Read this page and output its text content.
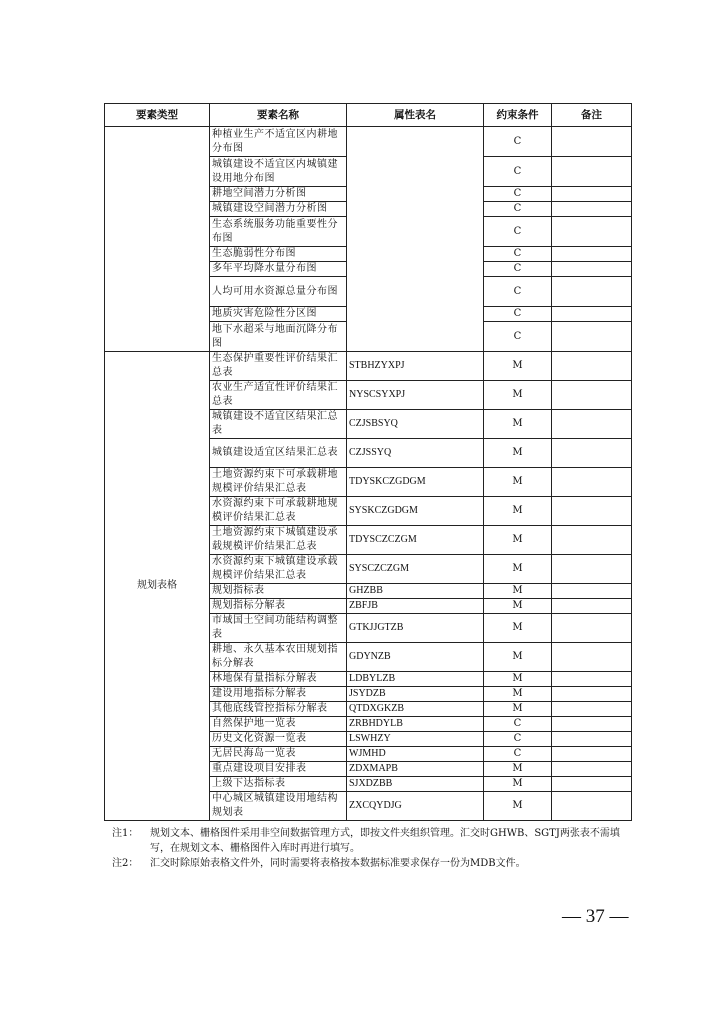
要素类型	要素名称	属性表名	约束条件	备注
	种植业生产不适宜区内耕地分布图		C	
	城镇建设不适宜区内城镇建设用地分布图		C	
	耕地空间潜力分析图		C	
	城镇建设空间潜力分析图		C	
	生态系统服务功能重要性分布图		C	
	生态脆弱性分布图		C	
	多年平均降水量分布图		C	
	人均可用水资源总量分布图		C	
	地质灾害危险性分区图		C	
	地下水超采与地面沉降分布图		C	
规划表格	生态保护重要性评价结果汇总表	STBHZYXPJ	M	
	农业生产适宜性评价结果汇总表	NYSCSYXPJ	M	
	城镇建设不适宜区结果汇总表	CZJSBSYQ	M	
	城镇建设适宜区结果汇总表	CZJSSYQ	M	
	土地资源约束下可承载耕地规模评价结果汇总表	TDYSKCZGDGM	M	
	水资源约束下可承载耕地规模评价结果汇总表	SYSKCZGDGM	M	
	土地资源约束下城镇建设承载规模评价结果汇总表	TDYSCZCZGM	M	
	水资源约束下城镇建设承载规模评价结果汇总表	SYSCZCZGM	M	
	规划指标表	GHZBB	M	
	规划指标分解表	ZBFJB	M	
	市域国土空间功能结构调整表	GTKJJGTZB	M	
	耕地、永久基本农田规划指标分解表	GDYNZB	M	
	林地保有量指标分解表	LDBYLZB	M	
	建设用地指标分解表	JSYDZB	M	
	其他底线管控指标分解表	QTDXGKZB	M	
	自然保护地一览表	ZRBHDYLB	C	
	历史文化资源一览表	LSWHZY	C	
	无居民海岛一览表	WJMHD	C	
	重点建设项目安排表	ZDXMAPB	M	
	上级下达指标表	SJXDZBB	M	
	中心城区城镇建设用地结构规划表	ZXCQYDJG	M	
注1：	规划文本、栅格图件采用非空间数据管理方式，即按文件夹组织管理。汇交时GHWB、SGTJ两张表不需填写，在规划文本、栅格图件入库时再进行填写。
注2：	汇交时除原始表格文件外，同时需要将表格按本数据标准要求保存一份为MDB文件。
— 37 —
